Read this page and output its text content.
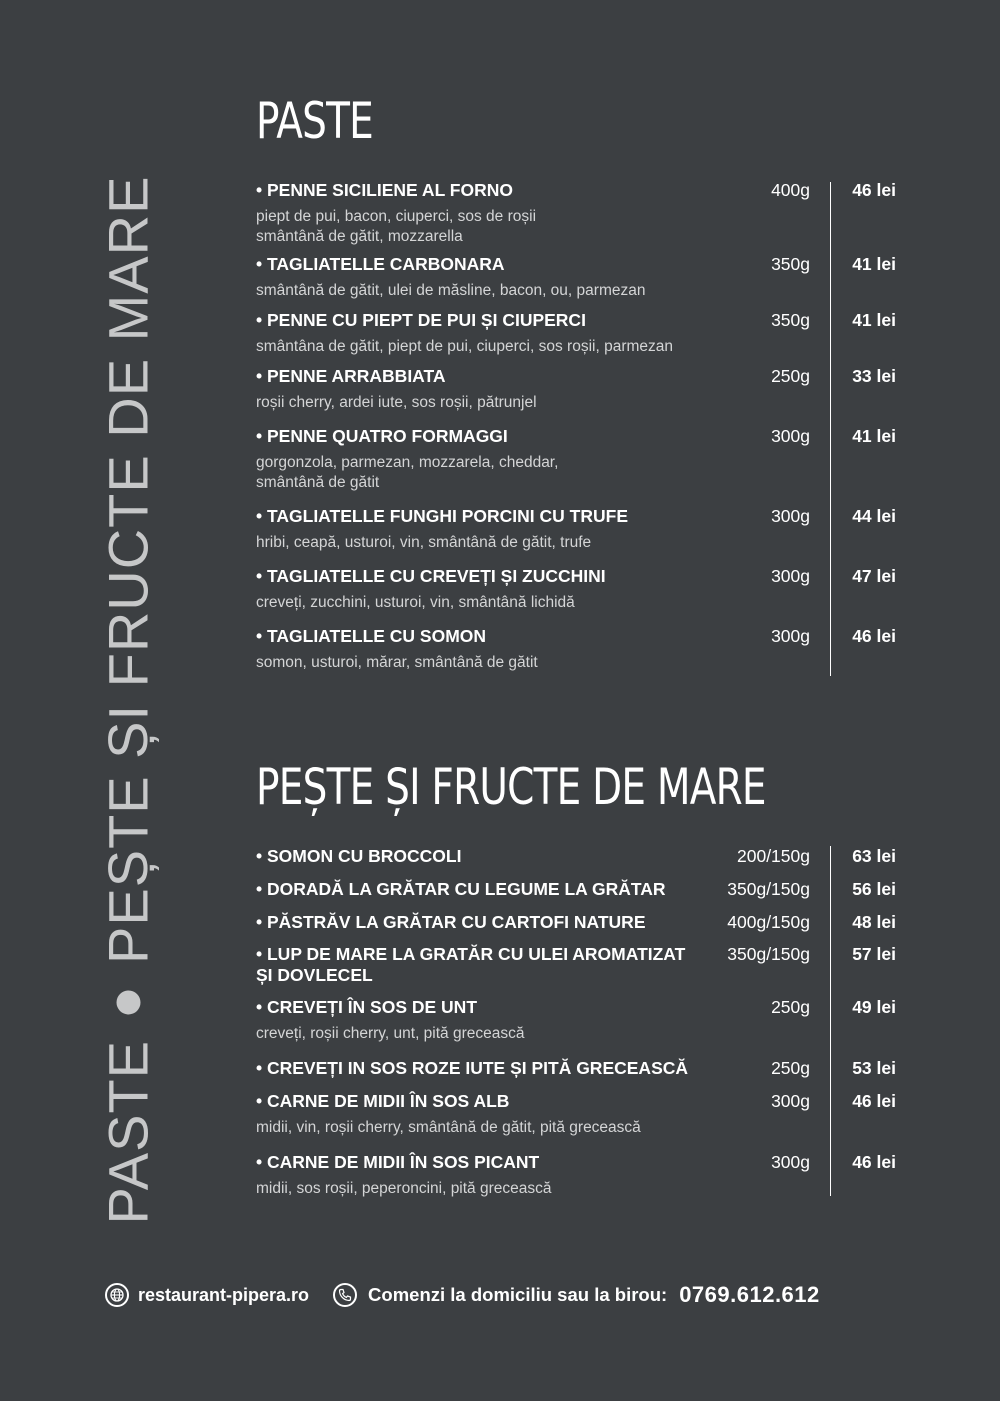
PASTE
PEȘTE ȘI FRUCTE DE MARE
PASTE
• PENNE SICILIENE AL FORNO	400g	46 lei
piept de pui, bacon, ciuperci, sos de roșii
smântână de gătit, mozzarella
• TAGLIATELLE CARBONARA	350g	41 lei
smântână de gătit, ulei de măsline, bacon, ou, parmezan
• PENNE CU PIEPT DE PUI ȘI CIUPERCI	350g	41 lei
smântâna de gătit, piept de pui, ciuperci, sos roșii, parmezan
• PENNE ARRABBIATA	250g	33 lei
roșii cherry, ardei iute, sos roșii, pătrunjel
• PENNE QUATRO FORMAGGI	300g	41 lei
gorgonzola, parmezan, mozzarela, cheddar,
smântână de gătit
• TAGLIATELLE FUNGHI PORCINI CU TRUFE	300g	44 lei
hribi, ceapă, usturoi, vin, smântână de gătit, trufe
• TAGLIATELLE CU CREVEȚI ȘI ZUCCHINI	300g	47 lei
creveți, zucchini, usturoi, vin, smântână lichidă
• TAGLIATELLE CU SOMON	300g	46 lei
somon, usturoi, mărar, smântână de gătit
PEȘTE ȘI FRUCTE DE MARE
• SOMON CU BROCCOLI	200/150g	63 lei
• DORADĂ LA GRĂTAR CU LEGUME LA GRĂTAR	350g/150g	56 lei
• PĂSTRĂV LA GRĂTAR CU CARTOFI NATURE	400g/150g	48 lei
• LUP DE MARE LA GRATĂR CU ULEI AROMATIZAT
ȘI DOVLECEL
350g/150g	57 lei
• CREVEȚI ÎN SOS DE UNT	250g	49 lei
creveți, roșii cherry, unt, pită grecească
• CREVEȚI IN SOS ROZE IUTE ȘI PITĂ GRECEASCĂ	250g	53 lei
• CARNE DE MIDII ÎN SOS ALB	300g	46 lei
midii, vin, roșii cherry, smântână de gătit, pită grecească
• CARNE DE MIDII ÎN SOS PICANT	300g	46 lei
midii, sos roșii, peperoncini, pită grecească
restaurant-pipera.ro	Comenzi la domiciliu sau la birou: 0769.612.612
